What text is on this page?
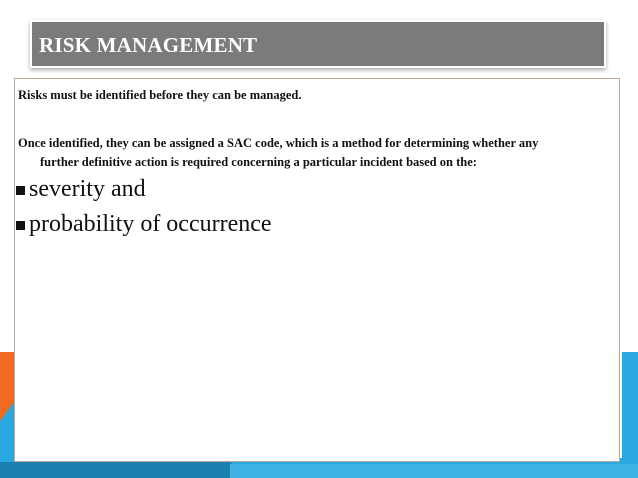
RISK MANAGEMENT
Risks must be identified before they can be managed.
Once identified, they can be assigned a SAC code, which is a method for determining whether any
further definitive action is required concerning a particular incident based on the:
severity and
probability of occurrence
